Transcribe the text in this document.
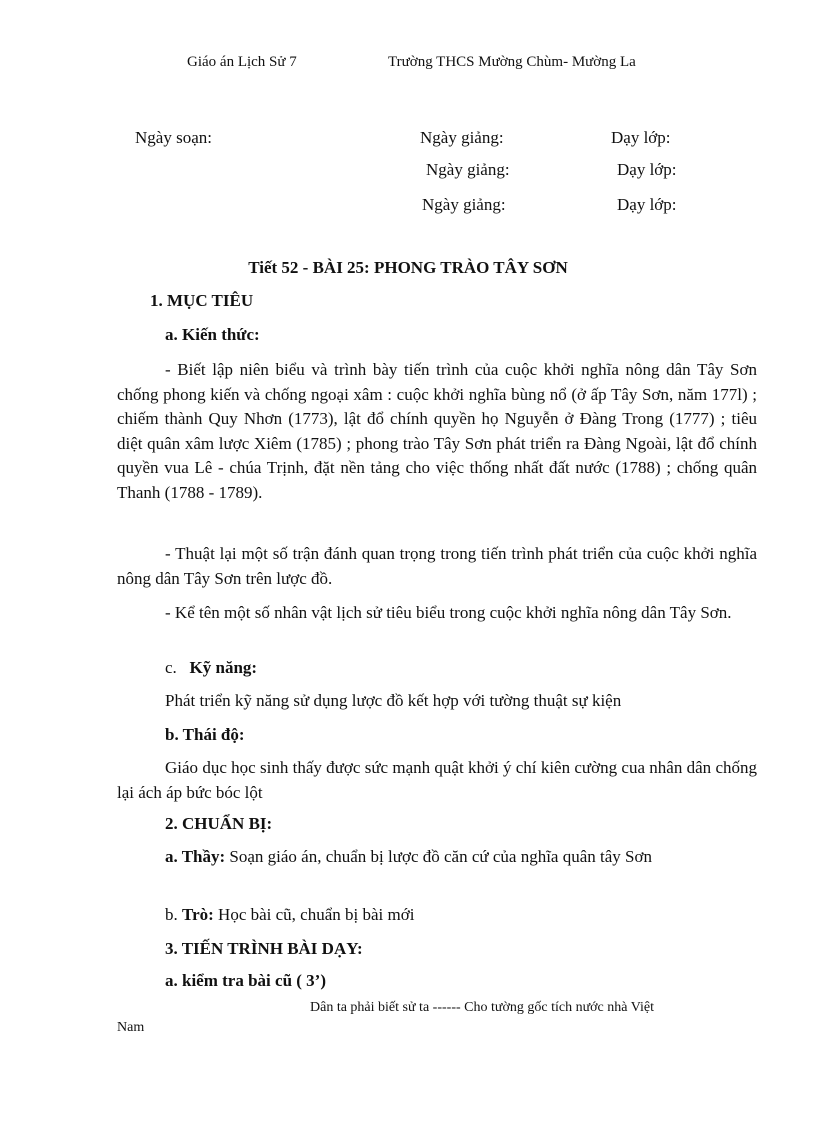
Giáo án Lịch Sử 7	Trường THCS Mường Chùm- Mường La
Ngày soạn:	Ngày giảng:	Dạy lớp:
Ngày giảng:	Dạy lớp:
Ngày giảng:	Dạy lớp:
Tiết 52 - BÀI 25: PHONG TRÀO TÂY SƠN
1. MỤC TIÊU
a. Kiến thức:
- Biết lập niên biểu và trình bày tiến trình của cuộc khởi nghĩa nông dân Tây Sơn chống phong kiến và chống ngoại xâm : cuộc khởi nghĩa bùng nổ (ở ấp Tây Sơn, năm 177l) ; chiếm thành Quy Nhơn (1773), lật đổ chính quyền họ Nguyễn ở Đàng Trong (1777) ; tiêu diệt quân xâm lược Xiêm (1785) ; phong trào Tây Sơn phát triển ra Đàng Ngoài, lật đổ chính quyền vua Lê - chúa Trịnh, đặt nền tảng cho việc thống nhất đất nước (1788) ; chống quân Thanh (1788 - 1789).
- Thuật lại một số trận đánh quan trọng trong tiến trình phát triển của cuộc khởi nghĩa nông dân Tây Sơn trên lược đồ.
- Kể tên một số nhân vật lịch sử tiêu biểu trong cuộc khởi nghĩa nông dân Tây Sơn.
c. Kỹ năng:
Phát triển kỹ năng sử dụng lược đồ kết hợp với tường thuật sự kiện
b. Thái độ:
Giáo dục học sinh thấy được sức mạnh quật khởi ý chí kiên cường cua nhân dân chống lại ách áp bức bóc lột
2. CHUẨN BỊ:
a. Thầy: Soạn giáo án, chuẩn bị lược đồ căn cứ của nghĩa quân tây Sơn
b. Trò: Học bài cũ, chuẩn bị bài mới
3. TIẾN TRÌNH BÀI DẠY:
a. kiểm tra bài cũ ( 3’)
Dân ta phải biết sử ta ------ Cho tường gốc tích nước nhà Việt
Nam
